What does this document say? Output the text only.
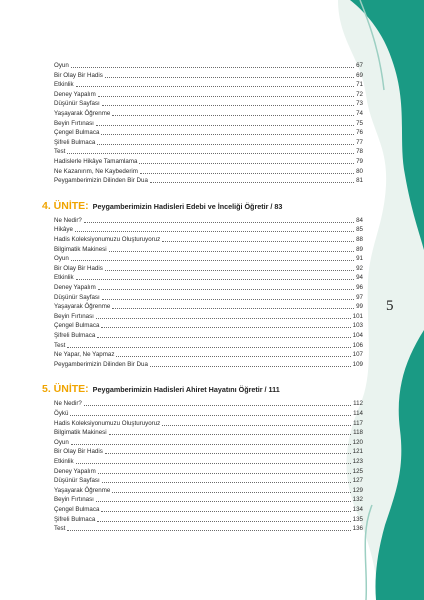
Oyun	67
Bir Olay Bir Hadis	69
Etkinlik	71
Deney Yapalım	72
Düşünür Sayfası	73
Yaşayarak Öğrenme	74
Beyin Fırtınası	75
Çengel Bulmaca	76
Şifreli Bulmaca	77
Test	78
Hadislerle Hikâye Tamamlama	79
Ne Kazanırım, Ne Kaybederim	80
Peygamberimizin Dilinden Bir Dua	81
4. ÜNİTE: Peygamberimizin Hadisleri Edebi ve İnceliği Öğretir / 83
Ne Nedir?	84
Hikâye	85
Hadis Koleksiyonumuzu Oluşturuyoruz	88
Bilgimatik Makinesi	89
Oyun	91
Bir Olay Bir Hadis	92
Etkinlik	94
Deney Yapalım	96
Düşünür Sayfası	97
Yaşayarak Öğrenme	99
Beyin Fırtınası	101
Çengel Bulmaca	103
Şifreli Bulmaca	104
Test	106
Ne Yapar, Ne Yapmaz	107
Peygamberimizin Dilinden Bir Dua	109
5. ÜNİTE: Peygamberimizin Hadisleri Ahiret Hayatını Öğretir / 111
Ne Nedir?	112
Öykü	114
Hadis Koleksiyonumuzu Oluşturuyoruz	117
Bilgimatik Makinesi	118
Oyun	120
Bir Olay Bir Hadis	121
Etkinlik	123
Deney Yapalım	125
Düşünür Sayfası	127
Yaşayarak Öğrenme	129
Beyin Fırtınası	132
Çengel Bulmaca	134
Şifreli Bulmaca	135
Test	136
5
